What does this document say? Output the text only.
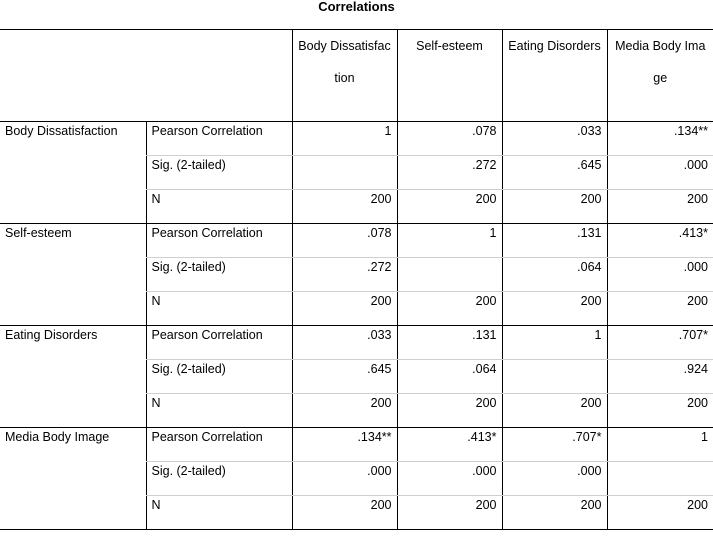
Correlations
		Body Dissatisfaction	Self-esteem	Eating Disorders	Media Body Image
Body Dissatisfaction	Pearson Correlation	1	.078	.033	.134**
	Sig. (2-tailed)		.272	.645	.000
	N	200	200	200	200
Self-esteem	Pearson Correlation	.078	1	.131	.413*
	Sig. (2-tailed)	.272		.064	.000
	N	200	200	200	200
Eating Disorders	Pearson Correlation	.033	.131	1	.707*
	Sig. (2-tailed)	.645	.064		.924
	N	200	200	200	200
Media Body Image	Pearson Correlation	.134**	.413*	.707*	1
	Sig. (2-tailed)	.000	.000	.000	
	N	200	200	200	200
